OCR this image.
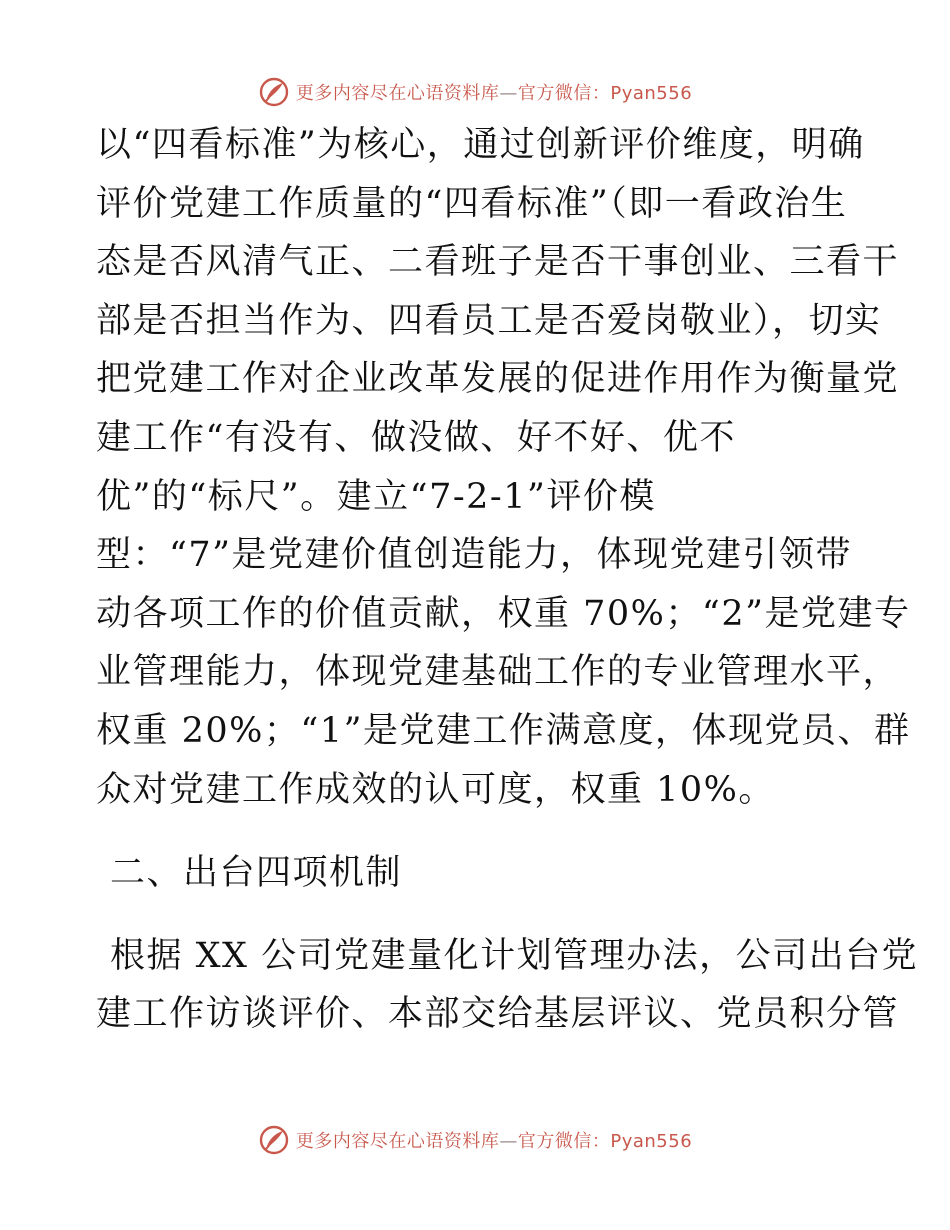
更多内容尽在心语资料库—官方微信：Pyan556
以“四看标准”为核心，通过创新评价维度，明确
评价党建工作质量的“四看标准”（即一看政治生
态是否风清气正、二看班子是否干事创业、三看干
部是否担当作为、四看员工是否爱岗敬业），切实
把党建工作对企业改革发展的促进作用作为衡量党
建工作“有没有、做没做、好不好、优不
优”的“标尺”。建立“7-2-1”评价模
型：“7”是党建价值创造能力，体现党建引领带
动各项工作的价值贡献，权重 70%；“2”是党建专
业管理能力，体现党建基础工作的专业管理水平，
权重 20%；“1”是党建工作满意度，体现党员、群
众对党建工作成效的认可度，权重 10%。
二、出台四项机制
根据 XX 公司党建量化计划管理办法，公司出台党
建工作访谈评价、本部交给基层评议、党员积分管
更多内容尽在心语资料库—官方微信：Pyan556
